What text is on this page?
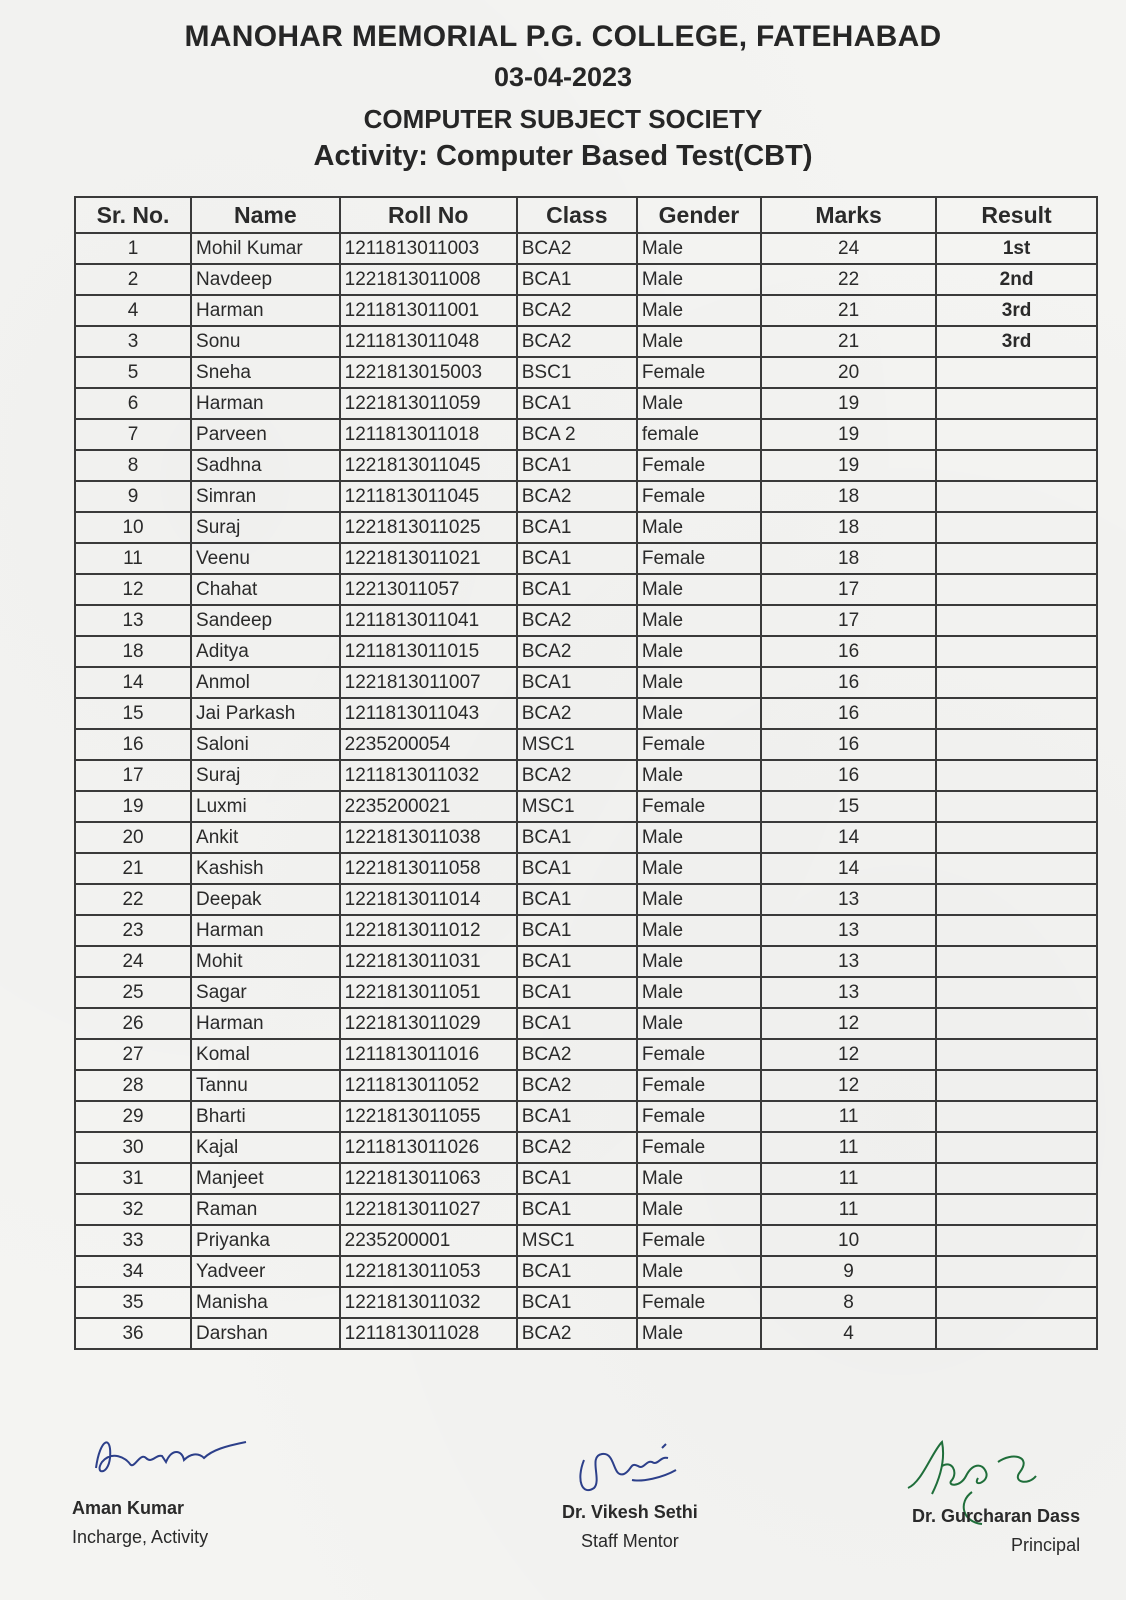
MANOHAR MEMORIAL P.G. COLLEGE, FATEHABAD
03-04-2023
COMPUTER SUBJECT SOCIETY
Activity: Computer Based Test(CBT)
Sr. No.	Name	Roll No	Class	Gender	Marks	Result
1	Mohil Kumar	1211813011003	BCA2	Male	24	1st
2	Navdeep	1221813011008	BCA1	Male	22	2nd
4	Harman	1211813011001	BCA2	Male	21	3rd
3	Sonu	1211813011048	BCA2	Male	21	3rd
5	Sneha	1221813015003	BSC1	Female	20	
6	Harman	1221813011059	BCA1	Male	19	
7	Parveen	1211813011018	BCA 2	female	19	
8	Sadhna	1221813011045	BCA1	Female	19	
9	Simran	1211813011045	BCA2	Female	18	
10	Suraj	1221813011025	BCA1	Male	18	
11	Veenu	1221813011021	BCA1	Female	18	
12	Chahat	12213011057	BCA1	Male	17	
13	Sandeep	1211813011041	BCA2	Male	17	
18	Aditya	1211813011015	BCA2	Male	16	
14	Anmol	1221813011007	BCA1	Male	16	
15	Jai Parkash	1211813011043	BCA2	Male	16	
16	Saloni	2235200054	MSC1	Female	16	
17	Suraj	1211813011032	BCA2	Male	16	
19	Luxmi	2235200021	MSC1	Female	15	
20	Ankit	1221813011038	BCA1	Male	14	
21	Kashish	1221813011058	BCA1	Male	14	
22	Deepak	1221813011014	BCA1	Male	13	
23	Harman	1221813011012	BCA1	Male	13	
24	Mohit	1221813011031	BCA1	Male	13	
25	Sagar	1221813011051	BCA1	Male	13	
26	Harman	1221813011029	BCA1	Male	12	
27	Komal	1211813011016	BCA2	Female	12	
28	Tannu	1211813011052	BCA2	Female	12	
29	Bharti	1221813011055	BCA1	Female	11	
30	Kajal	1211813011026	BCA2	Female	11	
31	Manjeet	1221813011063	BCA1	Male	11	
32	Raman	1221813011027	BCA1	Male	11	
33	Priyanka	2235200001	MSC1	Female	10	
34	Yadveer	1221813011053	BCA1	Male	9	
35	Manisha	1221813011032	BCA1	Female	8	
36	Darshan	1211813011028	BCA2	Male	4	
Aman Kumar
Incharge, Activity
Dr. Vikesh Sethi
Staff Mentor
Dr. Gurcharan Dass
Principal
